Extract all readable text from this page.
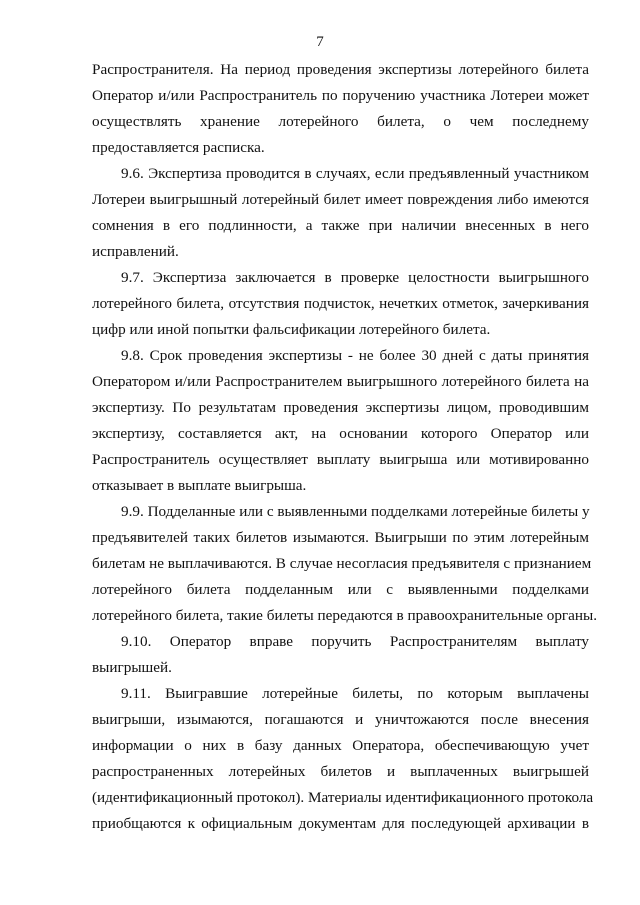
7
Распространителя. На период проведения экспертизы лотерейного билета
Оператор и/или Распространитель по поручению участника Лотереи может
осуществлять хранение лотерейного билета, о чем последнему
предоставляется расписка.
9.6. Экспертиза проводится в случаях, если предъявленный участником
Лотереи выигрышный лотерейный билет имеет повреждения либо имеются
сомнения в его подлинности, а также при наличии внесенных в него
исправлений.
9.7. Экспертиза заключается в проверке целостности выигрышного
лотерейного билета, отсутствия подчисток, нечетких отметок, зачеркивания
цифр или иной попытки фальсификации лотерейного билета.
9.8. Срок проведения экспертизы - не более 30 дней с даты принятия
Оператором и/или Распространителем выигрышного лотерейного билета на
экспертизу. По результатам проведения экспертизы лицом, проводившим
экспертизу, составляется акт, на основании которого Оператор или
Распространитель осуществляет выплату выигрыша или мотивированно
отказывает в выплате выигрыша.
9.9. Подделанные или с выявленными подделками лотерейные билеты у
предъявителей таких билетов изымаются. Выигрыши по этим лотерейным
билетам не выплачиваются. В случае несогласия предъявителя с признанием
лотерейного билета подделанным или с выявленными подделками
лотерейного билета, такие билеты передаются в правоохранительные органы.
9.10. Оператор вправе поручить Распространителям выплату
выигрышей.
9.11. Выигравшие лотерейные билеты, по которым выплачены
выигрыши, изымаются, погашаются и уничтожаются после внесения
информации о них в базу данных Оператора, обеспечивающую учет
распространенных лотерейных билетов и выплаченных выигрышей
(идентификационный протокол). Материалы идентификационного протокола
приобщаются к официальным документам для последующей архивации в
